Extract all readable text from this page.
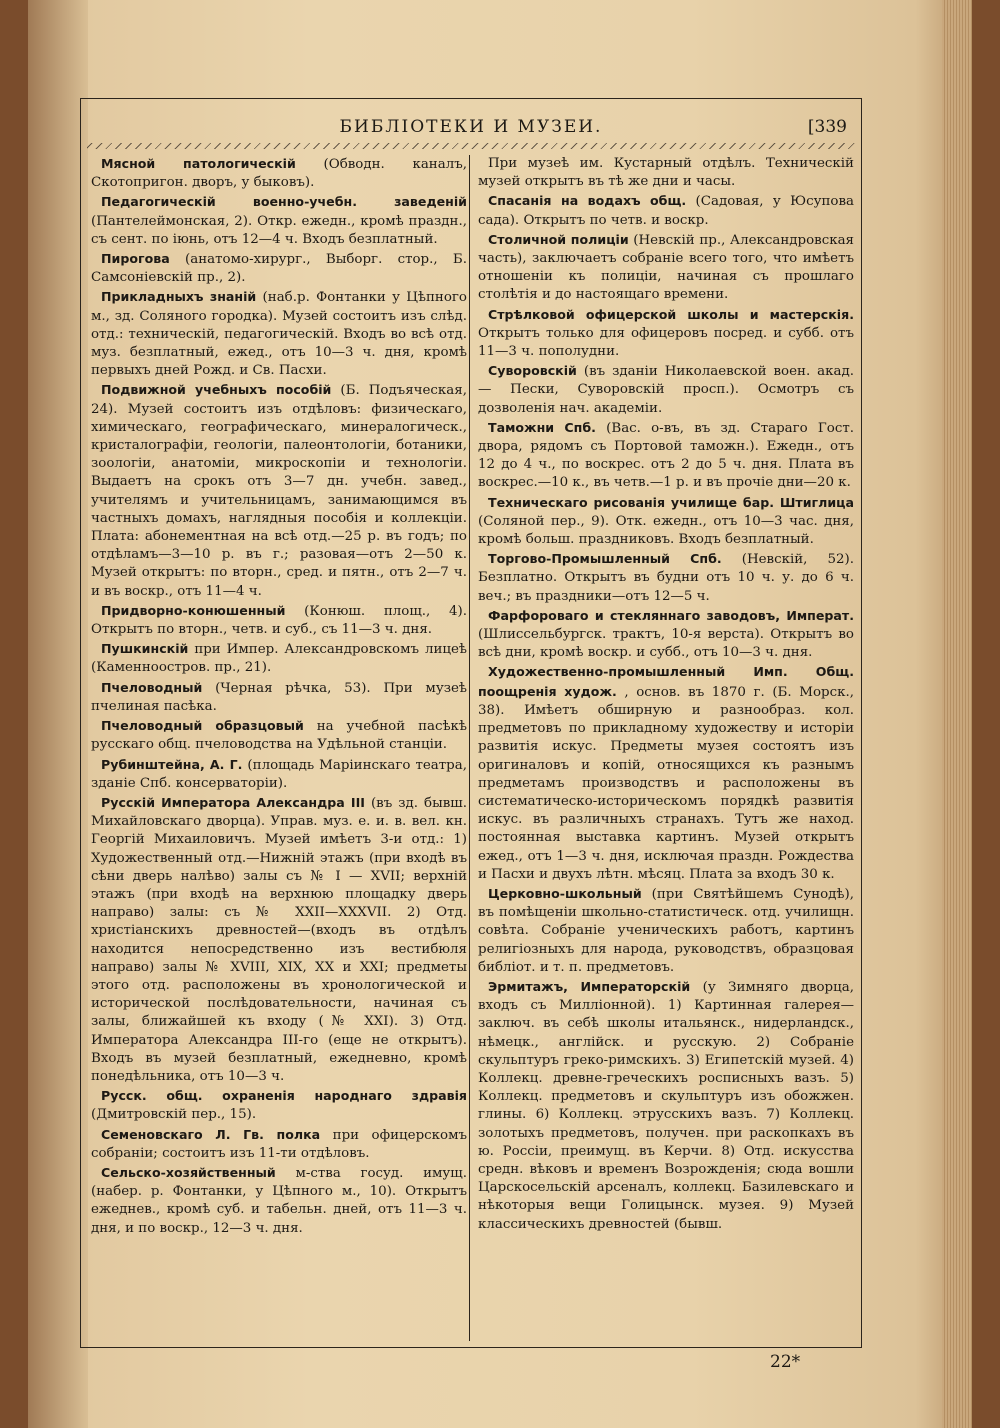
БИБЛІОТЕКИ И МУЗЕИ.	[339

Мясной патологическій (Обводн. каналъ, Скотопригон. дворъ, у быковъ).

Педагогическій военно-учебн. заведеній (Пантелеймонская, 2). Откр. ежедн., кромѣ праздн., съ сент. по іюнь, отъ 12—4 ч. Входъ безплатный.

Пирогова (анатомо-хирург., Выборг. стор., Б. Самсоніевскій пр., 2).

Прикладныхъ знаній (наб.р. Фонтанки у Цѣпного м., зд. Соляного городка). Музей состоитъ изъ слѣд. отд.: техническій, педагогическій. Входъ во всѣ отд. муз. безплатный, ежед., отъ 10—3 ч. дня, кромѣ первыхъ дней Рожд. и Св. Пасхи.

Подвижной учебныхъ пособій (Б. Подъяческая, 24). Музей состоитъ изъ отдѣловъ: физическаго, химическаго, географическаго, минералогическ., кристалографіи, геологіи, палеонтологіи, ботаники, зоологіи, анатоміи, микроскопіи и технологіи. Выдаетъ на срокъ отъ 3—7 дн. учебн. завед., учителямъ и учительницамъ, занимающимся въ частныхъ домахъ, наглядныя пособія и коллекціи. Плата: абонементная на всѣ отд.—25 р. въ годъ; по отдѣламъ—3—10 р. въ г.; разовая—отъ 2—50 к. Музей открытъ: по вторн., сред. и пятн., отъ 2—7 ч. и въ воскр., отъ 11—4 ч.

Придворно-конюшенный (Конюш. площ., 4). Открытъ по вторн., четв. и суб., съ 11—3 ч. дня.

Пушкинскій при Импер. Александровскомъ лицеѣ (Каменноостров. пр., 21).

Пчеловодный (Черная рѣчка, 53). При музеѣ пчелиная пасѣка.

Пчеловодный образцовый на учебной пасѣкѣ русскаго общ. пчеловодства на Удѣльной станціи.

Рубинштейна, А. Г. (площадь Маріинскаго театра, зданіе Спб. консерваторіи).

Русскій Императора Александра III (въ зд. бывш. Михайловскаго дворца). Управ. муз. е. и. в. вел. кн. Георгій Михаиловичъ. Музей имѣетъ 3-и отд.: 1) Художественный отд.—Нижній этажъ (при входѣ въ сѣни дверь налѣво) залы съ № I — XVII; верхній этажъ (при входѣ на верхнюю площадку дверь направо) залы: съ № XXII—XXXVII. 2) Отд. христіанскихъ древностей—(входъ въ отдѣлъ находится непосредственно изъ вестибюля направо) залы № XVIII, XIX, XX и XXI; предметы этого отд. расположены въ хронологической и исторической послѣдовательности, начиная съ залы, ближайшей къ входу (№ XXI). 3) Отд. Императора Александра III-го (еще не открытъ). Входъ въ музей безплатный, ежедневно, кромѣ понедѣльника, отъ 10—3 ч.

Русск. общ. охраненія народнаго здравія (Дмитровскій пер., 15).

Семеновскаго Л. Гв. полка при офицерскомъ собраніи; состоитъ изъ 11-ти отдѣловъ.

Сельско-хозяйственный м-ства госуд. имущ. (набер. р. Фонтанки, у Цѣпного м., 10). Открытъ ежеднев., кромѣ суб. и табельн. дней, отъ 11—3 ч. дня, и по воскр., 12—3 ч. дня.

При музеѣ им. Кустарный отдѣлъ. Техническій музей открытъ въ тѣ же дни и часы.

Спасанія на водахъ общ. (Садовая, у Юсупова сада). Открытъ по четв. и воскр.

Столичной полиціи (Невскій пр., Александровская часть), заключаетъ собраніе всего того, что имѣетъ отношеніи къ полиціи, начиная съ прошлаго столѣтія и до настоящаго времени.

Стрѣлковой офицерской школы и мастерскія. Открытъ только для офицеровъ посред. и субб. отъ 11—3 ч. пополудни.

Суворовскій (въ зданіи Николаевской воен. акад. — Пески, Суворовскій просп.). Осмотръ съ дозволенія нач. академіи.

Таможни Спб. (Вас. о-въ, въ зд. Стараго Гост. двора, рядомъ съ Портовой таможн.). Ежедн., отъ 12 до 4 ч., по воскрес. отъ 2 до 5 ч. дня. Плата въ воскрес.—10 к., въ четв.—1 р. и въ прочіе дни—20 к.

Техническаго рисованія училище бар. Штиглица (Соляной пер., 9). Отк. ежедн., отъ 10—3 час. дня, кромѣ больш. праздниковъ. Входъ безплатный.

Торгово-Промышленный Спб. (Невскій, 52). Безплатно. Открытъ въ будни отъ 10 ч. у. до 6 ч. веч.; въ праздники—отъ 12—5 ч.

Фарфороваго и стекляннаго заводовъ, Императ. (Шлиссельбургск. трактъ, 10-я верста). Открытъ во всѣ дни, кромѣ воскр. и субб., отъ 10—3 ч. дня.

Художественно-промышленный Имп. Общ. поощренія худож. , основ. въ 1870 г. (Б. Морск., 38). Имѣетъ обширную и разнообраз. кол. предметовъ по прикладному художеству и исторіи развитія искус. Предметы музея состоятъ изъ оригиналовъ и копій, относящихся къ разнымъ предметамъ производствъ и расположены въ систематическо-историческомъ порядкѣ развитія искус. въ различныхъ странахъ. Тутъ же наход. постоянная выставка картинъ. Музей открытъ ежед., отъ 1—3 ч. дня, исключая праздн. Рождества и Пасхи и двухъ лѣтн. мѣсяц. Плата за входъ 30 к.

Церковно-школьный (при Святѣйшемъ Сунодѣ), въ помѣщеніи школьно-статистическ. отд. училищн. совѣта. Собраніе ученическихъ работъ, картинъ религіозныхъ для народа, руководствъ, образцовая библіот. и т. п. предметовъ.

Эрмитажъ, Императорскій (у Зимняго дворца, входъ съ Милліонной). 1) Картинная галерея—заключ. въ себѣ школы итальянск., нидерландск., нѣмецк., англійск. и русскую. 2) Собраніе скульптуръ греко-римскихъ. 3) Египетскій музей. 4) Коллекц. древне-греческихъ росписныхъ вазъ. 5) Коллекц. предметовъ и скульптуръ изъ обожжен. глины. 6) Коллекц. этрусскихъ вазъ. 7) Коллекц. золотыхъ предметовъ, получен. при раскопкахъ въ ю. Россіи, преимущ. въ Керчи. 8) Отд. искусства средн. вѣковъ и временъ Возрожденія; сюда вошли Царскосельскій арсеналъ, коллекц. Базилевскаго и нѣкоторыя вещи Голицынск. музея. 9) Музей классическихъ древностей (бывш.

22*
